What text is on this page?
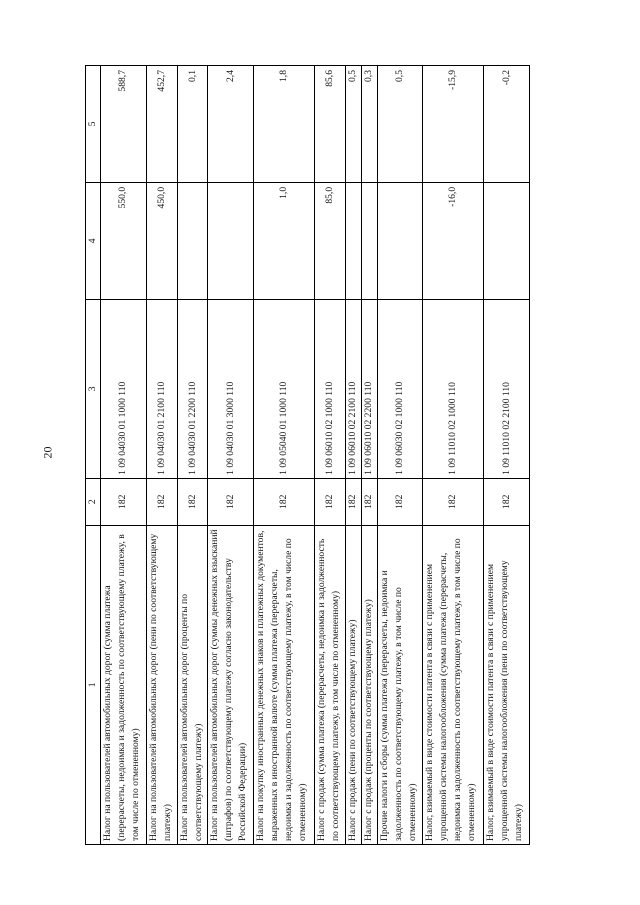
20
1	2	3	4	5
Налог на пользователей автомобильных дорог (сумма платежа (перерасчеты, недоимка и задолженность по соответствующему платежу, в том числе по отмененному)	182	1 09 04030 01 1000 110	550,0	588,7
Налог на пользователей автомобильных дорог (пени по соответствующему платежу)	182	1 09 04030 01 2100 110	450,0	452,7
Налог на пользователей автомобильных дорог (проценты по соответствующему платежу)	182	1 09 04030 01 2200 110		0,1
Налог на пользователей автомобильных дорог (суммы денежных взысканий (штрафов) по соответствующему платежу согласно законодательству Российской Федерации)	182	1 09 04030 01 3000 110		2,4
Налог на покупку иностранных денежных знаков и платежных документов, выраженных в иностранной валюте (сумма платежа (перерасчеты, недоимка и задолженность по соответствующему платежу, в том числе по отмененному)	182	1 09 05040 01 1000 110	1,0	1,8
Налог с продаж (сумма платежа (перерасчеты, недоимка и задолженность по соответствующему платежу, в том числе по отмененному)	182	1 09 06010 02 1000 110	85,0	85,6
Налог с продаж (пени по соответствующему платежу)	182	1 09 06010 02 2100 110		0,5
Налог с продаж (проценты по соответствующему платежу)	182	1 09 06010 02 2200 110		0,3
Прочие налоги и сборы (сумма платежа (перерасчеты, недоимка и задолженность по соответствующему платежу, в том числе по отмененному)	182	1 09 06030 02 1000 110		0,5
Налог, взимаемый в виде стоимости патента в связи с применением упрощенной системы налогообложения (сумма платежа (перерасчеты, недоимка и задолженность по соответствующему платежу, в том числе по отмененному)	182	1 09 11010 02 1000 110	-16,0	-15,9
Налог, взимаемый в виде стоимости патента в связи с применением упрощенной системы налогообложения (пени по соответствующему платежу)	182	1 09 11010 02 2100 110		-0,2
